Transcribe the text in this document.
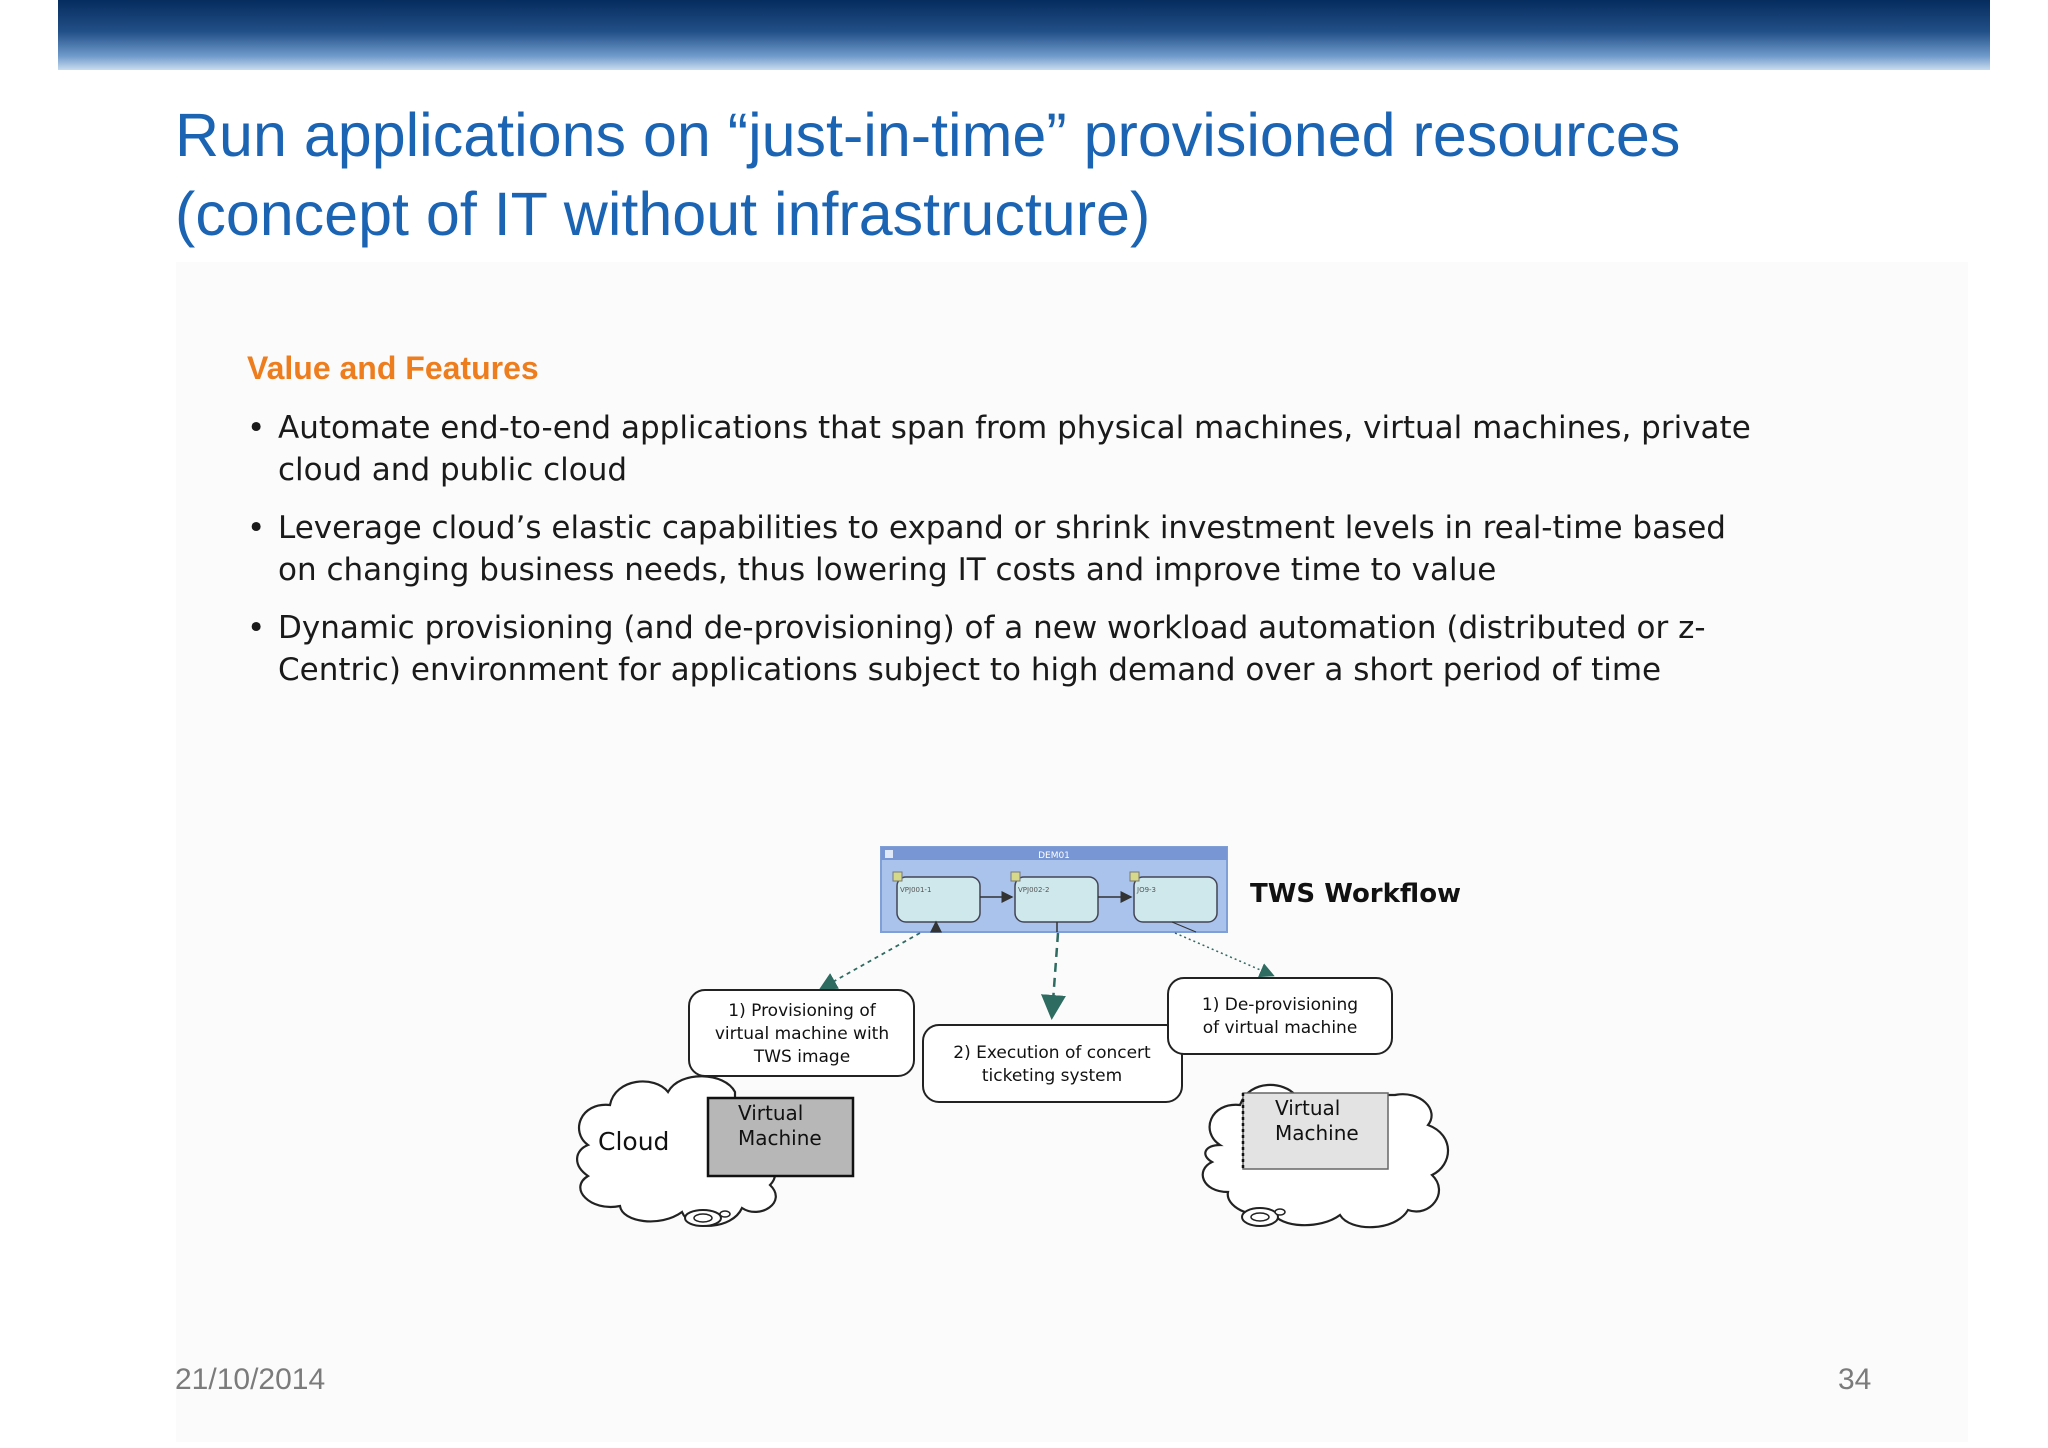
Run applications on “just-in-time” provisioned resources
(concept of IT without infrastructure)
Value and Features
• Automate end-to-end applications that span from physical machines, virtual machines, private cloud and public cloud
• Leverage cloud’s elastic capabilities to expand or shrink investment levels in real-time based on changing business needs, thus lowering IT costs and improve time to value
• Dynamic provisioning (and de-provisioning) of a new workload automation (distributed or z-Centric) environment for applications subject to high demand over a short period of time
DEM01
VPJ001-1	VPJ002-2	JO9-3	TWS Workflow
1) Provisioning of
virtual machine with
TWS image	2) Execution of concert
ticketing system
1) De-provisioning
of virtual machine
Cloud
Virtual
Machine
Virtual
Machine
21/10/2014	34
